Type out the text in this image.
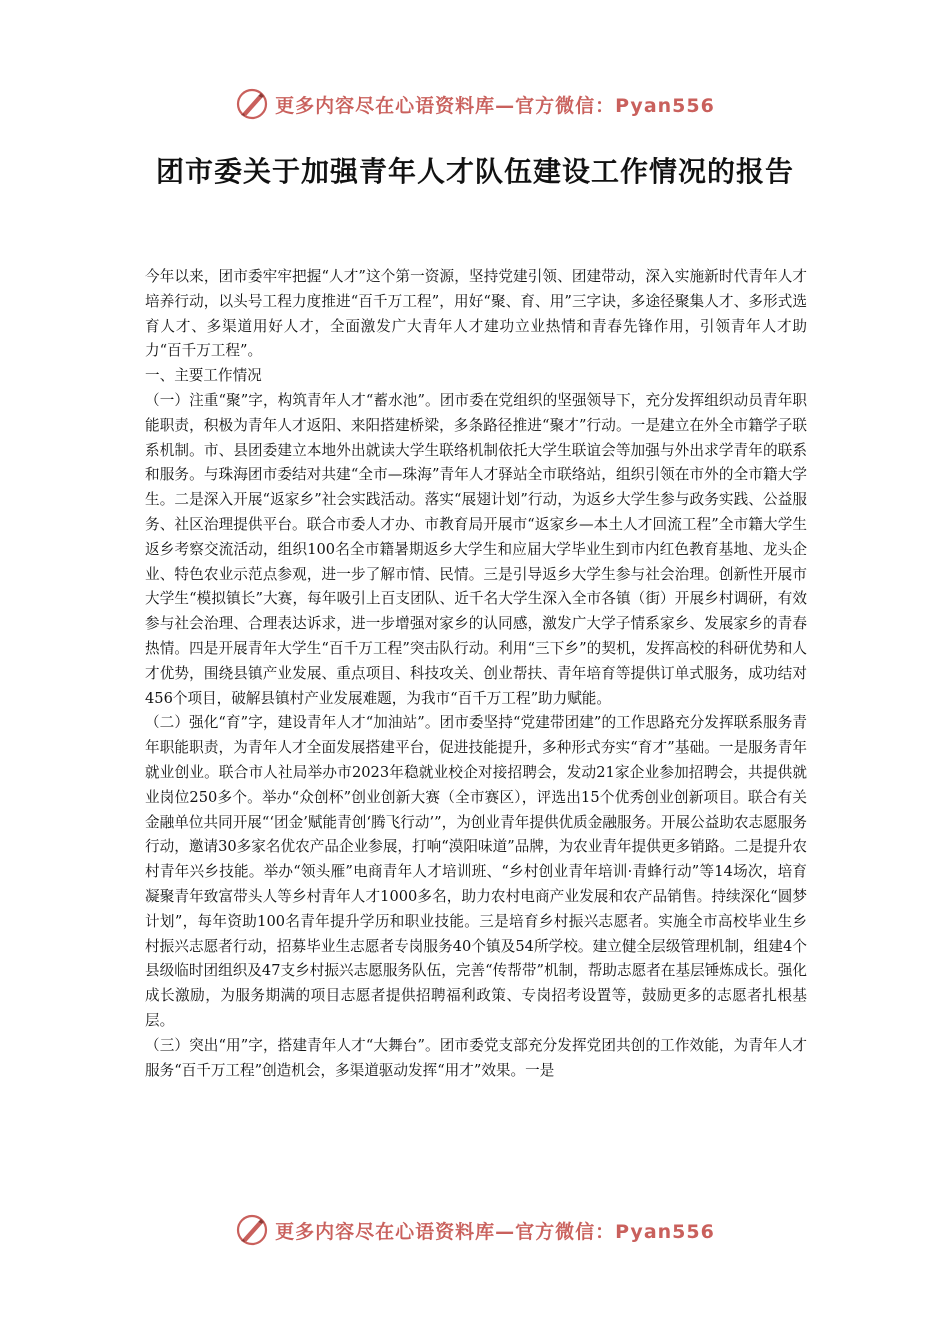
更多内容尽在心语资料库—官方微信：Pyan556
团市委关于加强青年人才队伍建设工作情况的报告

今年以来，团市委牢牢把握“人才”这个第一资源，坚持党建引领、团建带动，深入实施新时代青年人才培养行动，以头号工程力度推进“百千万工程”，用好“聚、育、用”三字诀，多途径聚集人才、多形式选育人才、多渠道用好人才，全面激发广大青年人才建功立业热情和青春先锋作用，引领青年人才助力“百千万工程”。

一、主要工作情况

（一）注重“聚”字，构筑青年人才“蓄水池”。团市委在党组织的坚强领导下，充分发挥组织动员青年职能职责，积极为青年人才返阳、来阳搭建桥梁，多条路径推进“聚才”行动。一是建立在外全市籍学子联系机制。市、县团委建立本地外出就读大学生联络机制依托大学生联谊会等加强与外出求学青年的联系和服务。与珠海团市委结对共建“全市—珠海”青年人才驿站全市联络站，组织引领在市外的全市籍大学生。二是深入开展“返家乡”社会实践活动。落实“展翅计划”行动，为返乡大学生参与政务实践、公益服务、社区治理提供平台。联合市委人才办、市教育局开展市“返家乡—本土人才回流工程”全市籍大学生返乡考察交流活动，组织100名全市籍暑期返乡大学生和应届大学毕业生到市内红色教育基地、龙头企业、特色农业示范点参观，进一步了解市情、民情。三是引导返乡大学生参与社会治理。创新性开展市大学生“模拟镇长”大赛，每年吸引上百支团队、近千名大学生深入全市各镇（街）开展乡村调研，有效参与社会治理、合理表达诉求，进一步增强对家乡的认同感，激发广大学子情系家乡、发展家乡的青春热情。四是开展青年大学生“百千万工程”突击队行动。利用“三下乡”的契机，发挥高校的科研优势和人才优势，围绕县镇产业发展、重点项目、科技攻关、创业帮扶、青年培育等提供订单式服务，成功结对456个项目，破解县镇村产业发展难题，为我市“百千万工程”助力赋能。

（二）强化“育”字，建设青年人才“加油站”。团市委坚持“党建带团建”的工作思路充分发挥联系服务青年职能职责，为青年人才全面发展搭建平台，促进技能提升，多种形式夯实“育才”基础。一是服务青年就业创业。联合市人社局举办市2023年稳就业校企对接招聘会，发动21家企业参加招聘会，共提供就业岗位250多个。举办“众创杯”创业创新大赛（全市赛区），评选出15个优秀创业创新项目。联合有关金融单位共同开展“‘团金’赋能青创‘腾飞行动’”，为创业青年提供优质金融服务。开展公益助农志愿服务行动，邀请30多家名优农产品企业参展，打响“漠阳味道”品牌，为农业青年提供更多销路。二是提升农村青年兴乡技能。举办“领头雁”电商青年人才培训班、“乡村创业青年培训·青蜂行动”等14场次，培育凝聚青年致富带头人等乡村青年人才1000多名，助力农村电商产业发展和农产品销售。持续深化“圆梦计划”，每年资助100名青年提升学历和职业技能。三是培育乡村振兴志愿者。实施全市高校毕业生乡村振兴志愿者行动，招募毕业生志愿者专岗服务40个镇及54所学校。建立健全层级管理机制，组建4个县级临时团组织及47支乡村振兴志愿服务队伍，完善“传帮带”机制，帮助志愿者在基层锤炼成长。强化成长激励，为服务期满的项目志愿者提供招聘福利政策、专岗招考设置等，鼓励更多的志愿者扎根基层。

（三）突出“用”字，搭建青年人才“大舞台”。团市委党支部充分发挥党团共创的工作效能，为青年人才服务“百千万工程”创造机会，多渠道驱动发挥“用才”效果。一是

更多内容尽在心语资料库—官方微信：Pyan556
